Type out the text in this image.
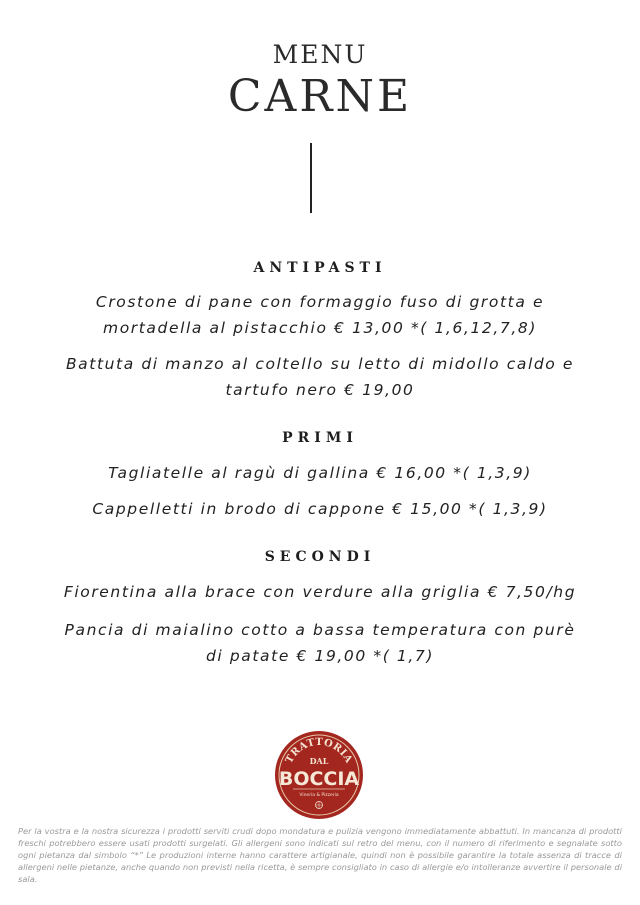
MENU
CARNE
ANTIPASTI
Crostone di pane con formaggio fuso di grotta e
mortadella al pistacchio € 13,00 *( 1,6,12,7,8)
Battuta di manzo al coltello su letto di midollo caldo e
tartufo nero € 19,00
PRIMI
Tagliatelle al ragù di gallina € 16,00 *( 1,3,9)
Cappelletti in brodo di cappone € 15,00 *( 1,3,9)
SECONDI
Fiorentina alla brace con verdure alla griglia € 7,50/hg
Pancia di maialino cotto a bassa temperatura con purè
di patate € 19,00 *( 1,7)
TRATTORIA
DAL
BOCCIA
Vineria & Pizzeria
Per la vostra e la nostra sicurezza i prodotti serviti crudi dopo mondatura e pulizia vengono immediatamente abbattuti. In mancanza di prodotti freschi potrebbero essere usati prodotti surgelati. Gli allergeni sono indicati sul retro del menu, con il numero di riferimento e segnalate sotto ogni pietanza dal simbolo “*” Le produzioni interne hanno carattere artigianale, quindi non è possibile garantire la totale assenza di tracce di allergeni nelle pietanze, anche quando non previsti nella ricetta, è sempre consigliato in caso di allergie e/o intolleranze avvertire il personale di sala.
